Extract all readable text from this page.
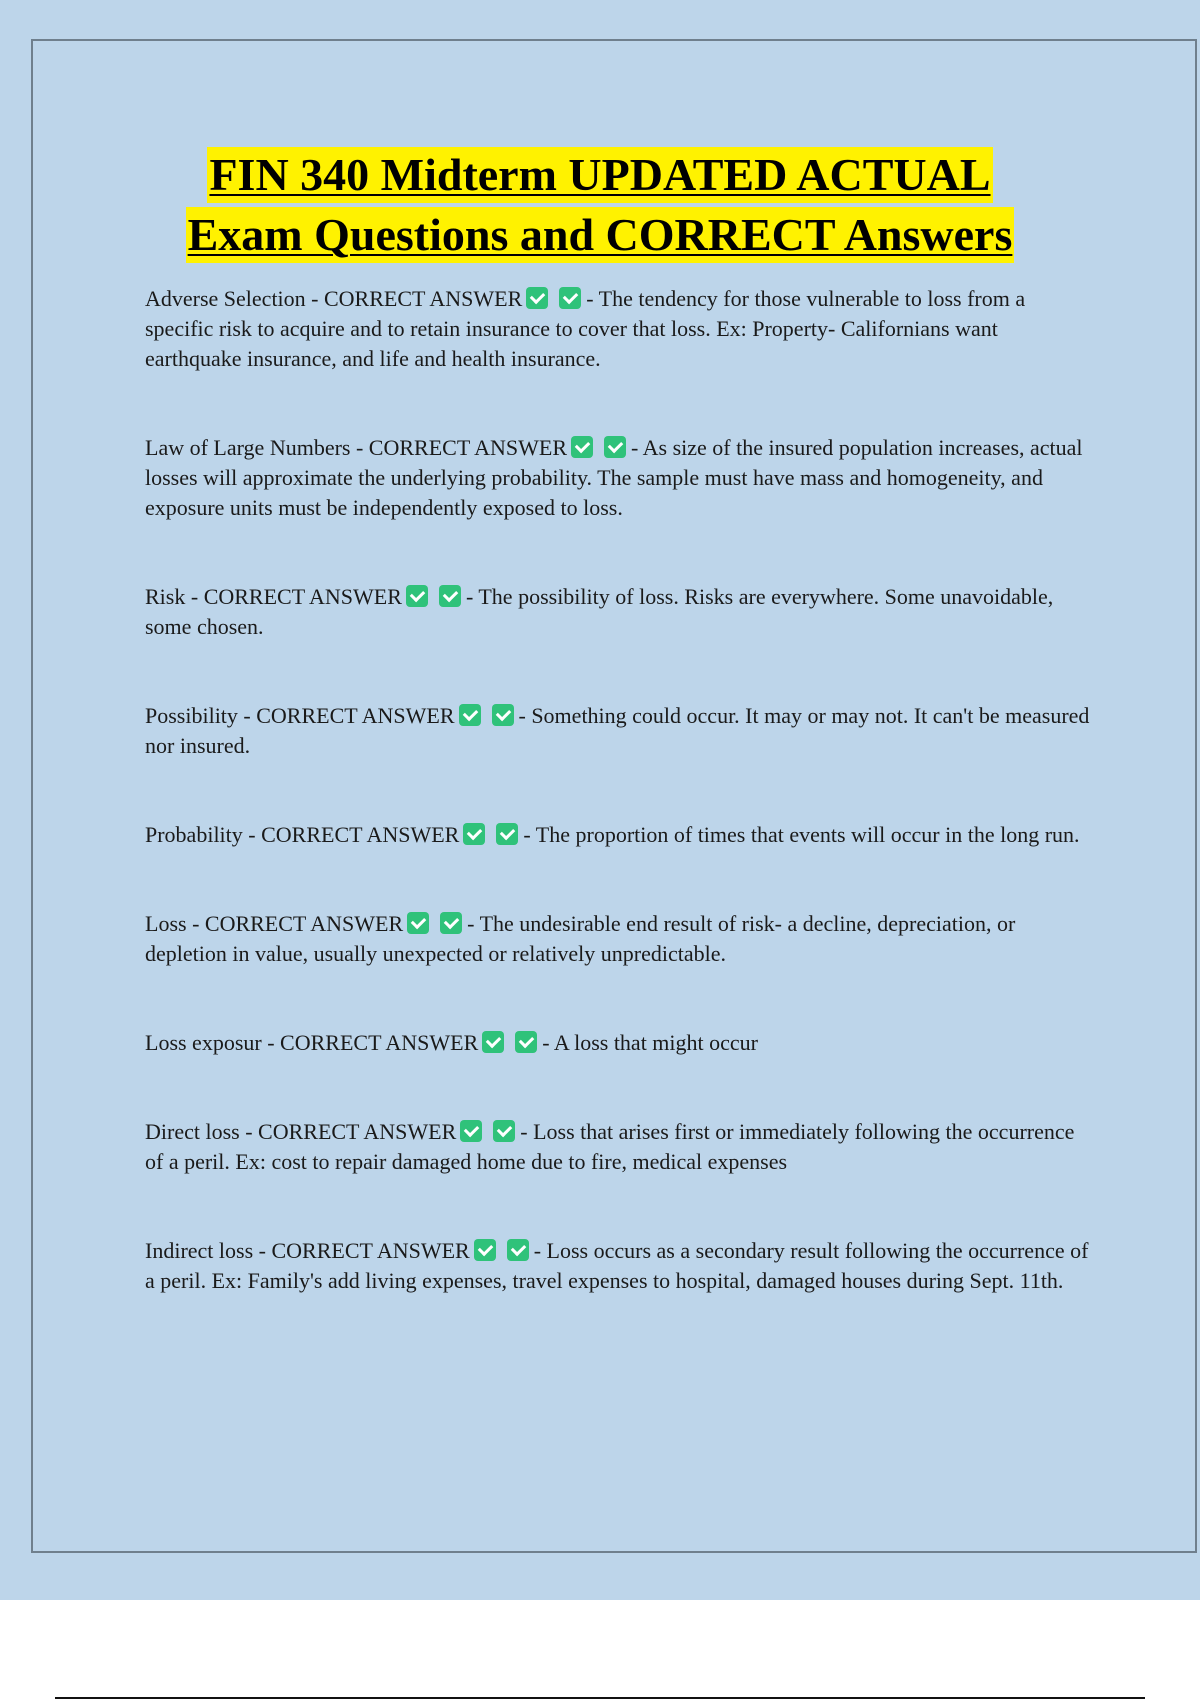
FIN 340 Midterm UPDATED ACTUAL
Exam Questions and CORRECT Answers

Adverse Selection - CORRECT ANSWER	- The tendency for those vulnerable to loss from a specific risk to acquire and to retain insurance to cover that loss. Ex: Property- Californians want earthquake insurance, and life and health insurance.

Law of Large Numbers - CORRECT ANSWER	- As size of the insured population increases, actual losses will approximate the underlying probability. The sample must have mass and homogeneity, and exposure units must be independently exposed to loss.

Risk - CORRECT ANSWER	- The possibility of loss. Risks are everywhere. Some unavoidable, some chosen.

Possibility - CORRECT ANSWER	- Something could occur. It may or may not. It can't be measured nor insured.

Probability - CORRECT ANSWER	- The proportion of times that events will occur in the long run.

Loss - CORRECT ANSWER	- The undesirable end result of risk- a decline, depreciation, or depletion in value, usually unexpected or relatively unpredictable.

Loss exposur - CORRECT ANSWER	- A loss that might occur

Direct loss - CORRECT ANSWER	- Loss that arises first or immediately following the occurrence of a peril. Ex: cost to repair damaged home due to fire, medical expenses

Indirect loss - CORRECT ANSWER	- Loss occurs as a secondary result following the occurrence of a peril. Ex: Family's add living expenses, travel expenses to hospital, damaged houses during Sept. 11th.
